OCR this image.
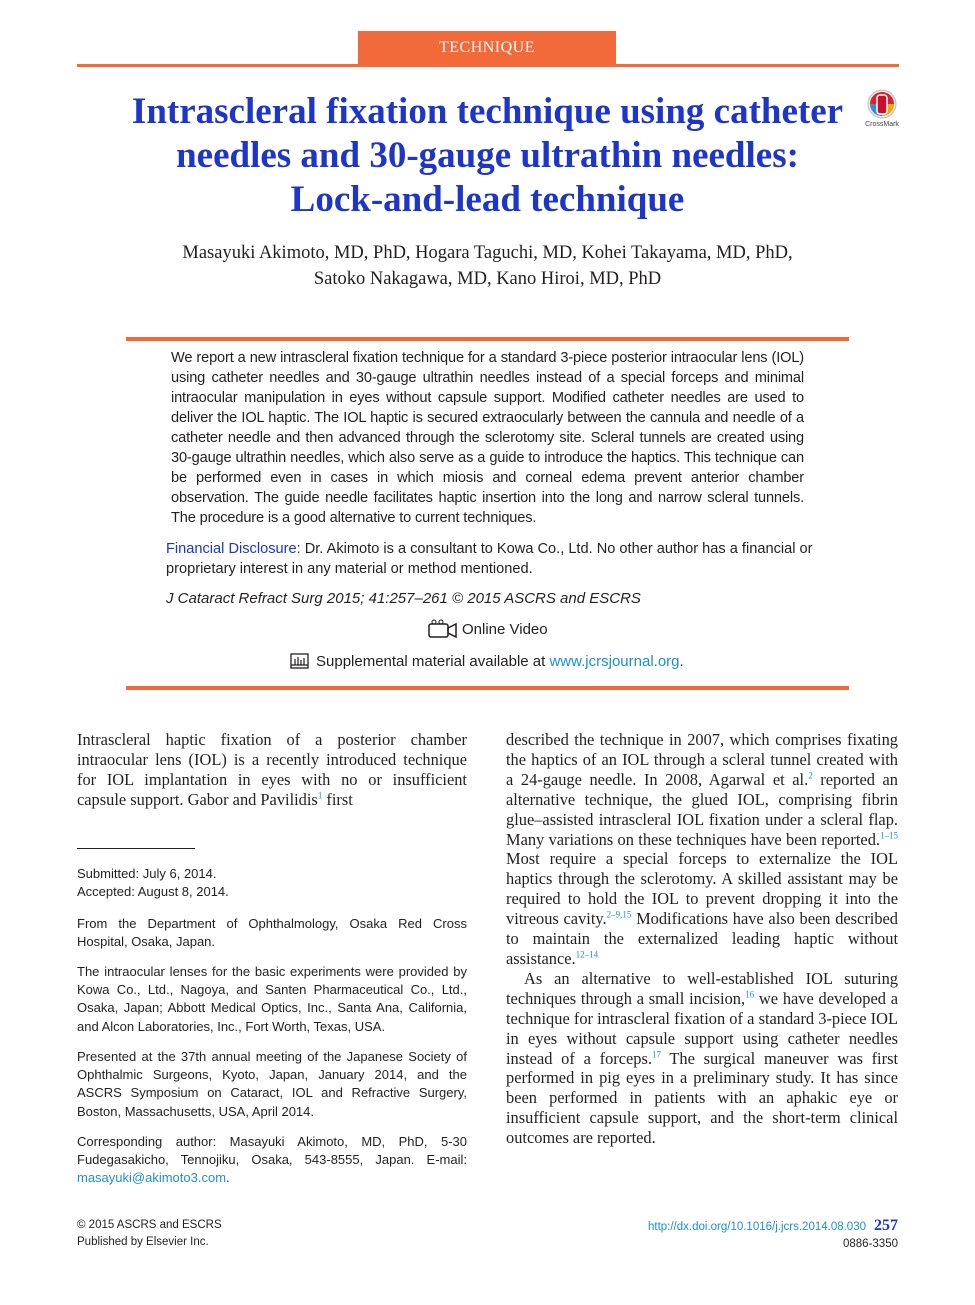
TECHNIQUE
Intrascleral fixation technique using catheter needles and 30-gauge ultrathin needles: Lock-and-lead technique
CrossMark
Masayuki Akimoto, MD, PhD, Hogara Taguchi, MD, Kohei Takayama, MD, PhD,
Satoko Nakagawa, MD, Kano Hiroi, MD, PhD

We report a new intrascleral fixation technique for a standard 3-piece posterior intraocular lens (IOL) using catheter needles and 30-gauge ultrathin needles instead of a special forceps and minimal intraocular manipulation in eyes without capsule support. Modified catheter needles are used to deliver the IOL haptic. The IOL haptic is secured extraocularly between the cannula and needle of a catheter needle and then advanced through the sclerotomy site. Scleral tunnels are created using 30-gauge ultrathin needles, which also serve as a guide to introduce the haptics. This technique can be performed even in cases in which miosis and corneal edema prevent anterior chamber observation. The guide needle facilitates haptic insertion into the long and narrow scleral tunnels. The procedure is a good alternative to current techniques.

Financial Disclosure: Dr. Akimoto is a consultant to Kowa Co., Ltd. No other author has a financial or proprietary interest in any material or method mentioned.

J Cataract Refract Surg 2015; 41:257–261 © 2015 ASCRS and ESCRS

Online Video
Supplemental material available at www.jcrsjournal.org.

Intrascleral haptic fixation of a posterior chamber intraocular lens (IOL) is a recently introduced technique for IOL implantation in eyes with no or insufficient capsule support. Gabor and Pavilidis$^1$ first

Submitted: July 6, 2014.
Accepted: August 8, 2014.

From the Department of Ophthalmology, Osaka Red Cross Hospital, Osaka, Japan.

The intraocular lenses for the basic experiments were provided by Kowa Co., Ltd., Nagoya, and Santen Pharmaceutical Co., Ltd., Osaka, Japan; Abbott Medical Optics, Inc., Santa Ana, California, and Alcon Laboratories, Inc., Fort Worth, Texas, USA.

Presented at the 37th annual meeting of the Japanese Society of Ophthalmic Surgeons, Kyoto, Japan, January 2014, and the ASCRS Symposium on Cataract, IOL and Refractive Surgery, Boston, Massachusetts, USA, April 2014.

Corresponding author: Masayuki Akimoto, MD, PhD, 5-30 Fudegasakicho, Tennojiku, Osaka, 543-8555, Japan. E-mail: masayuki@akimoto3.com.

described the technique in 2007, which comprises fixating the haptics of an IOL through a scleral tunnel created with a 24-gauge needle. In 2008, Agarwal et al.$^2$ reported an alternative technique, the glued IOL, comprising fibrin glue–assisted intrascleral IOL fixation under a scleral flap. Many variations on these techniques have been reported.$^{1-15}$ Most require a special forceps to externalize the IOL haptics through the sclerotomy. A skilled assistant may be required to hold the IOL to prevent dropping it into the vitreous cavity.$^{2-9,15}$ Modifications have also been described to maintain the externalized leading haptic without assistance.$^{12-14}$

As an alternative to well-established IOL suturing techniques through a small incision,$^{16}$ we have developed a technique for intrascleral fixation of a standard 3-piece IOL in eyes without capsule support using catheter needles instead of a forceps.$^{17}$ The surgical maneuver was first performed in pig eyes in a preliminary study. It has since been performed in patients with an aphakic eye or insufficient capsule support, and the short-term clinical outcomes are reported.

© 2015 ASCRS and ESCRS
Published by Elsevier Inc.
http://dx.doi.org/10.1016/j.jcrs.2014.08.030 257
0886-3350
